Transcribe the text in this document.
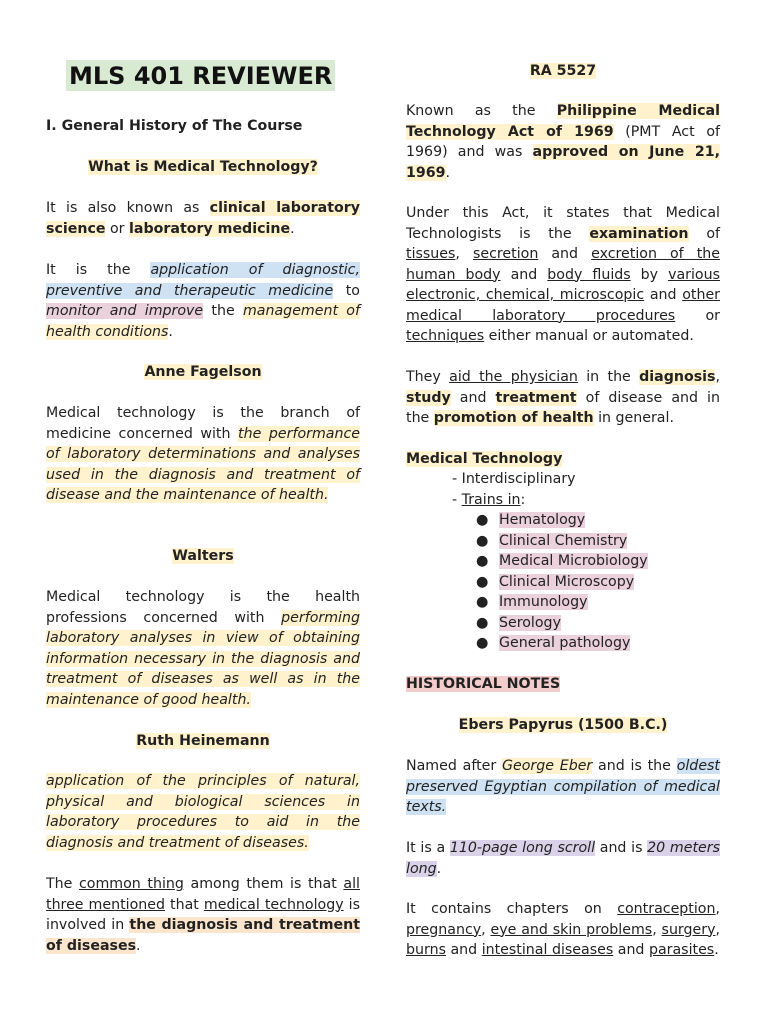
MLS 401 REVIEWER

I. General History of The Course

What is Medical Technology?

It is also known as clinical laboratory science or laboratory medicine.

It is the application of diagnostic, preventive and therapeutic medicine to monitor and improve the management of health conditions.

Anne Fagelson

Medical technology is the branch of medicine concerned with the performance of laboratory determinations and analyses used in the diagnosis and treatment of disease and the maintenance of health.

Walters

Medical technology is the health professions concerned with performing laboratory analyses in view of obtaining information necessary in the diagnosis and treatment of diseases as well as in the maintenance of good health.

Ruth Heinemann

application of the principles of natural, physical and biological sciences in laboratory procedures to aid in the diagnosis and treatment of diseases.

The common thing among them is that all three mentioned that medical technology is involved in the diagnosis and treatment of diseases.

RA 5527

Known as the Philippine Medical Technology Act of 1969 (PMT Act of 1969) and was approved on June 21, 1969.

Under this Act, it states that Medical Technologists is the examination of tissues, secretion and excretion of the human body and body fluids by various electronic, chemical, microscopic and other medical laboratory procedures or techniques either manual or automated.

They aid the physician in the diagnosis, study and treatment of disease and in the promotion of health in general.

Medical Technology

- Interdisciplinary
- Trains in:
● Hematology
● Clinical Chemistry
● Medical Microbiology
● Clinical Microscopy
● Immunology
● Serology
● General pathology

HISTORICAL NOTES

Ebers Papyrus (1500 B.C.)

Named after George Eber and is the oldest preserved Egyptian compilation of medical texts.

It is a 110-page long scroll and is 20 meters long.

It contains chapters on contraception, pregnancy, eye and skin problems, surgery, burns and intestinal diseases and parasites.
